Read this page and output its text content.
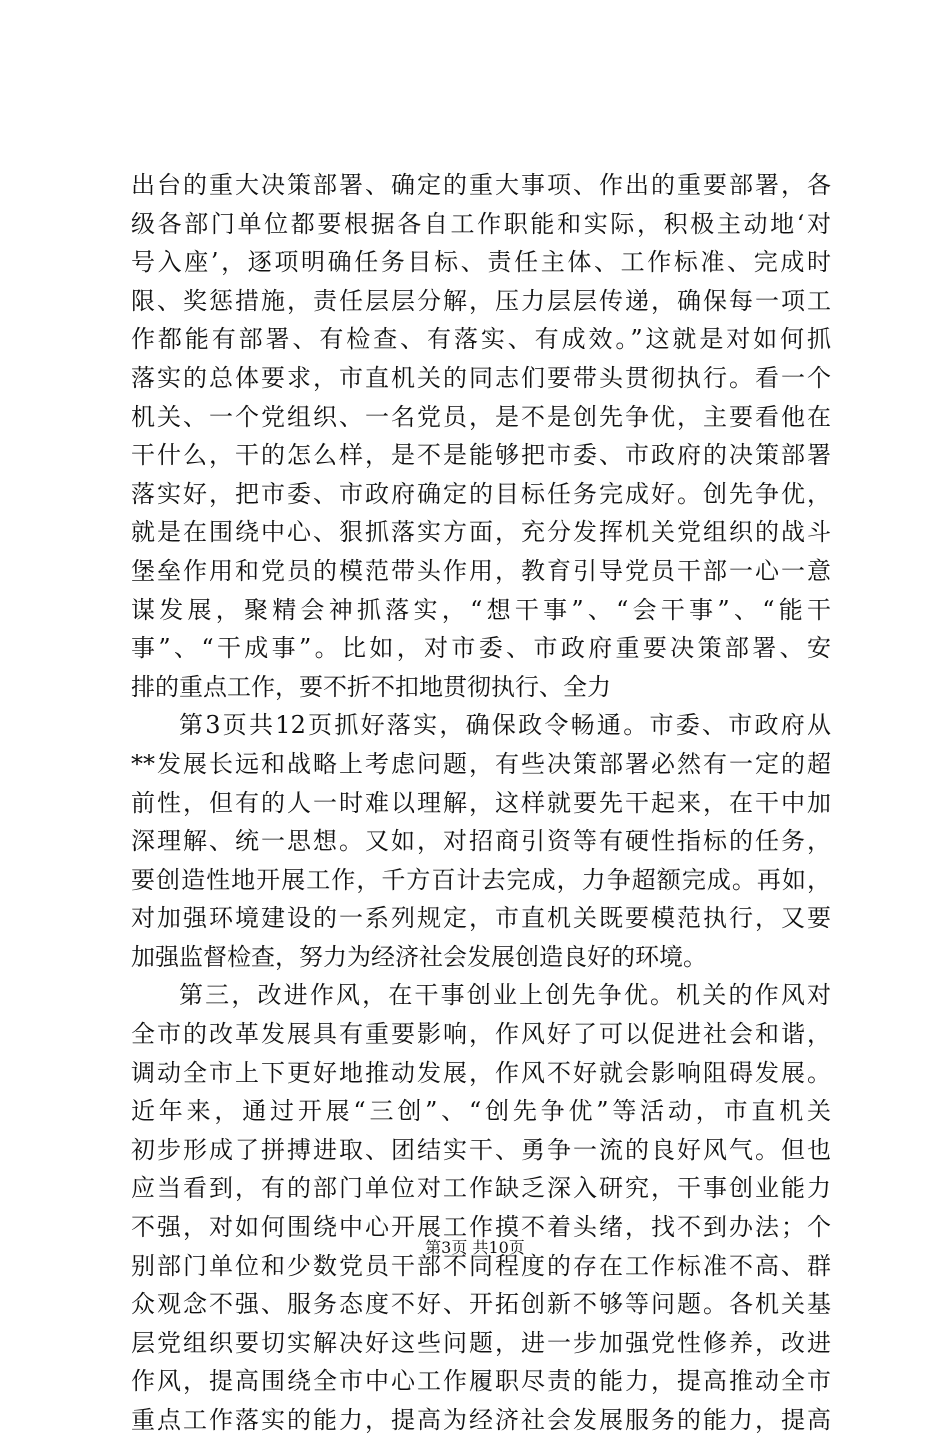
出台的重大决策部署、确定的重大事项、作出的重要部署，各
级各部门单位都要根据各自工作职能和实际，积极主动地‘对
号入座’，逐项明确任务目标、责任主体、工作标准、完成时
限、奖惩措施，责任层层分解，压力层层传递，确保每一项工
作都能有部署、有检查、有落实、有成效。”这就是对如何抓
落实的总体要求，市直机关的同志们要带头贯彻执行。看一个
机关、一个党组织、一名党员，是不是创先争优，主要看他在
干什么，干的怎么样，是不是能够把市委、市政府的决策部署
落实好，把市委、市政府确定的目标任务完成好。创先争优，
就是在围绕中心、狠抓落实方面，充分发挥机关党组织的战斗
堡垒作用和党员的模范带头作用，教育引导党员干部一心一意
谋发展，聚精会神抓落实，“想干事”、“会干事”、“能干
事”、“干成事”。比如，对市委、市政府重要决策部署、安
排的重点工作，要不折不扣地贯彻执行、全力
第3页共12页抓好落实，确保政令畅通。市委、市政府从
**发展长远和战略上考虑问题，有些决策部署必然有一定的超
前性，但有的人一时难以理解，这样就要先干起来，在干中加
深理解、统一思想。又如，对招商引资等有硬性指标的任务，
要创造性地开展工作，千方百计去完成，力争超额完成。再如，
对加强环境建设的一系列规定，市直机关既要模范执行，又要
加强监督检查，努力为经济社会发展创造良好的环境。
第三，改进作风，在干事创业上创先争优。机关的作风对
全市的改革发展具有重要影响，作风好了可以促进社会和谐，
调动全市上下更好地推动发展，作风不好就会影响阻碍发展。
近年来，通过开展“三创”、“创先争优”等活动，市直机关
初步形成了拼搏进取、团结实干、勇争一流的良好风气。但也
应当看到，有的部门单位对工作缺乏深入研究，干事创业能力
不强，对如何围绕中心开展工作摸不着头绪，找不到办法；个
别部门单位和少数党员干部不同程度的存在工作标准不高、群
众观念不强、服务态度不好、开拓创新不够等问题。各机关基
层党组织要切实解决好这些问题，进一步加强党性修养，改进
作风，提高围绕全市中心工作履职尽责的能力，提高推动全市
重点工作落实的能力，提高为经济社会发展服务的能力，提高
第3页 共10页
